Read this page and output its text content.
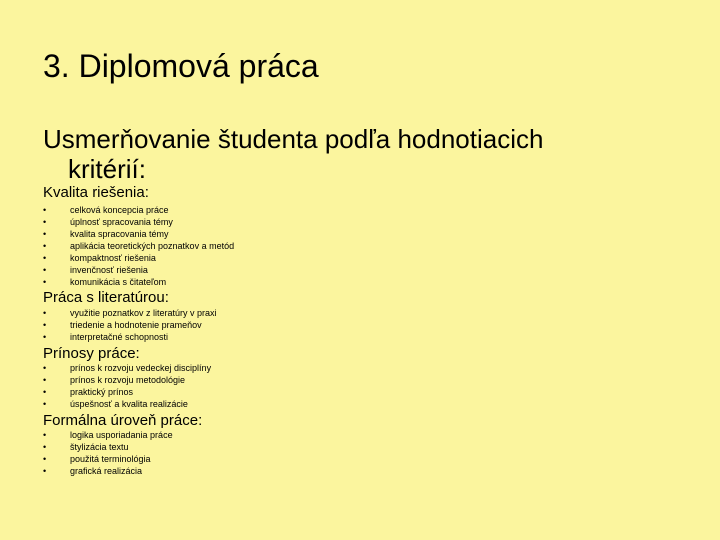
3. Diplomová práca
Usmerňovanie študenta podľa hodnotiacich
kritérií:
Kvalita riešenia:
•	celková koncepcia práce
•	úplnosť spracovania témy
•	kvalita spracovania témy
•	aplikácia teoretických poznatkov a metód
•	kompaktnosť riešenia
•	invenčnosť riešenia
•	komunikácia s čitateľom
Práca s literatúrou:
•	využitie poznatkov z literatúry v praxi
•	triedenie a hodnotenie prameňov
•	interpretačné schopnosti
Prínosy práce:
•	prínos k rozvoju vedeckej disciplíny
•	prínos k rozvoju metodológie
•	praktický prínos
•	úspešnosť a kvalita realizácie
Formálna úroveň práce:
•	logika usporiadania práce
•	štylizácia textu
•	použitá terminológia
•	grafická realizácia
